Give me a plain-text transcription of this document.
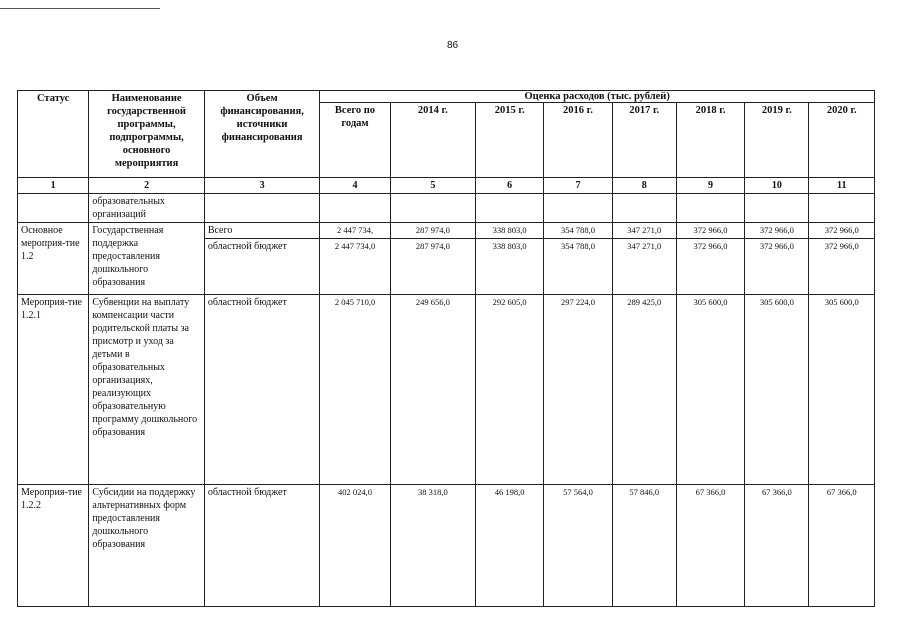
86
Статус	Наименование государственной программы, подпрограммы, основного мероприятия	Объем финансирования, источники финансирования	Оценка расходов (тыс. рублей)							
			Всего по годам	2014 г.	2015 г.	2016 г.	2017 г.	2018 г.	2019 г.	2020 г.
1	2	3	4	5	6	7	8	9	10	11
	образовательных организаций									
Основное мероприя-тие 1.2	Государственная поддержка предоставления дошкольного образования	Всего	2 447 734,	287 974,0	338 803,0	354 788,0	347 271,0	372 966,0	372 966,0	372 966,0
		областной бюджет	2 447 734,0	287 974,0	338 803,0	354 788,0	347 271,0	372 966,0	372 966,0	372 966,0
Мероприя-тие 1.2.1	Субвенции на выплату компенсации части родительской платы за присмотр и уход за детьми в образовательных организациях, реализующих образовательную программу дошкольного образования	областной бюджет	2 045 710,0	249 656,0	292 605,0	297 224,0	289 425,0	305 600,0	305 600,0	305 600,0
Мероприя-тие 1.2.2	Субсидии на поддержку альтернативных форм предоставления дошкольного образования	областной бюджет	402 024,0	38 318,0	46 198,0	57 564,0	57 846,0	67 366,0	67 366,0	67 366,0
